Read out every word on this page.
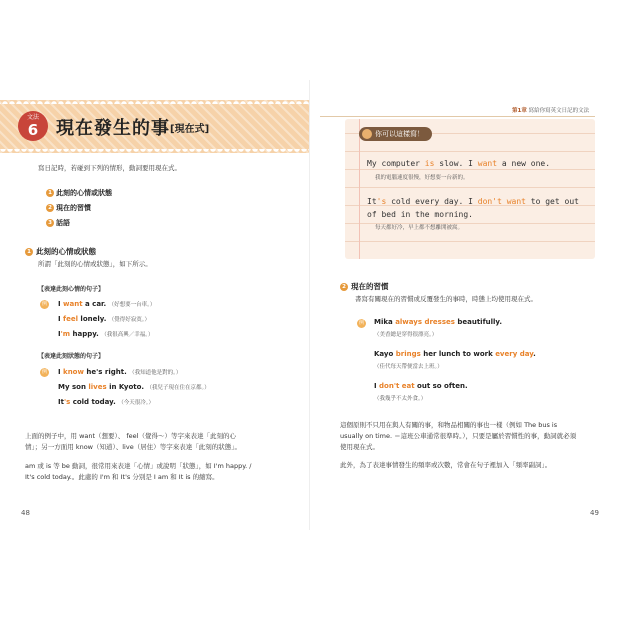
文法
6 現在發生的事 [現在式]
寫日記時，若碰到下列的情形，動詞要用現在式。
1 此刻的心情或狀態
2 現在的習慣
3 話語
1 此刻的心情或狀態
所謂「此刻的心情或狀態」，如下所示。
【表達此刻心情的句子】
例 I want a car. （好想要一台車。）
I feel lonely. （覺得好寂寞。）
I'm happy. （我很高興／幸福。）
【表達此刻狀態的句子】
例 I know he's right. （我知道他是對的。）
My son lives in Kyoto. （我兒子現在住在京都。）
It's cold today. （今天很冷。）
上面的例子中，用 want（想要）、 feel（覺得～）等字來表達「此刻的心
情」；另一方面用 know（知道）、live（居住）等字來表達「此刻的狀態」。
am 或 is 等 be 動詞，很常用來表達「心情」或說明「狀態」，如 I'm happy. /
It's cold today.。此處的 I'm 和 It's 分別是 I am 和 It is 的縮寫。
48
第1章 寫給你寫英文日記的文法
你可以這樣寫！
My computer is slow. I want a new one.
我的電腦速度很慢，好想要一台新的。
It's cold every day. I don't want to get out
of bed in the morning.
每天都好冷，早上都不想離開被窩。
2 現在的習慣
書寫有關現在的習慣或反覆發生的事時，時態上均使用現在式。
例 Mika always dresses beautifully.
（美香總是穿得很漂亮。）
Kayo brings her lunch to work every day.
（佳代每天帶便當去上班。）
I don't eat out so often.
（我幾乎不太外食。）
這個原則不只用在與人有關的事，和物品相關的事也一樣（例如 The bus is
usually on time. ＝這班公車通常很準時。），只要是屬於習慣性的事，動詞就必須
使用現在式。
此外，為了表達事情發生的頻率或次數，常會在句子裡加入「頻率副詞」。
49
